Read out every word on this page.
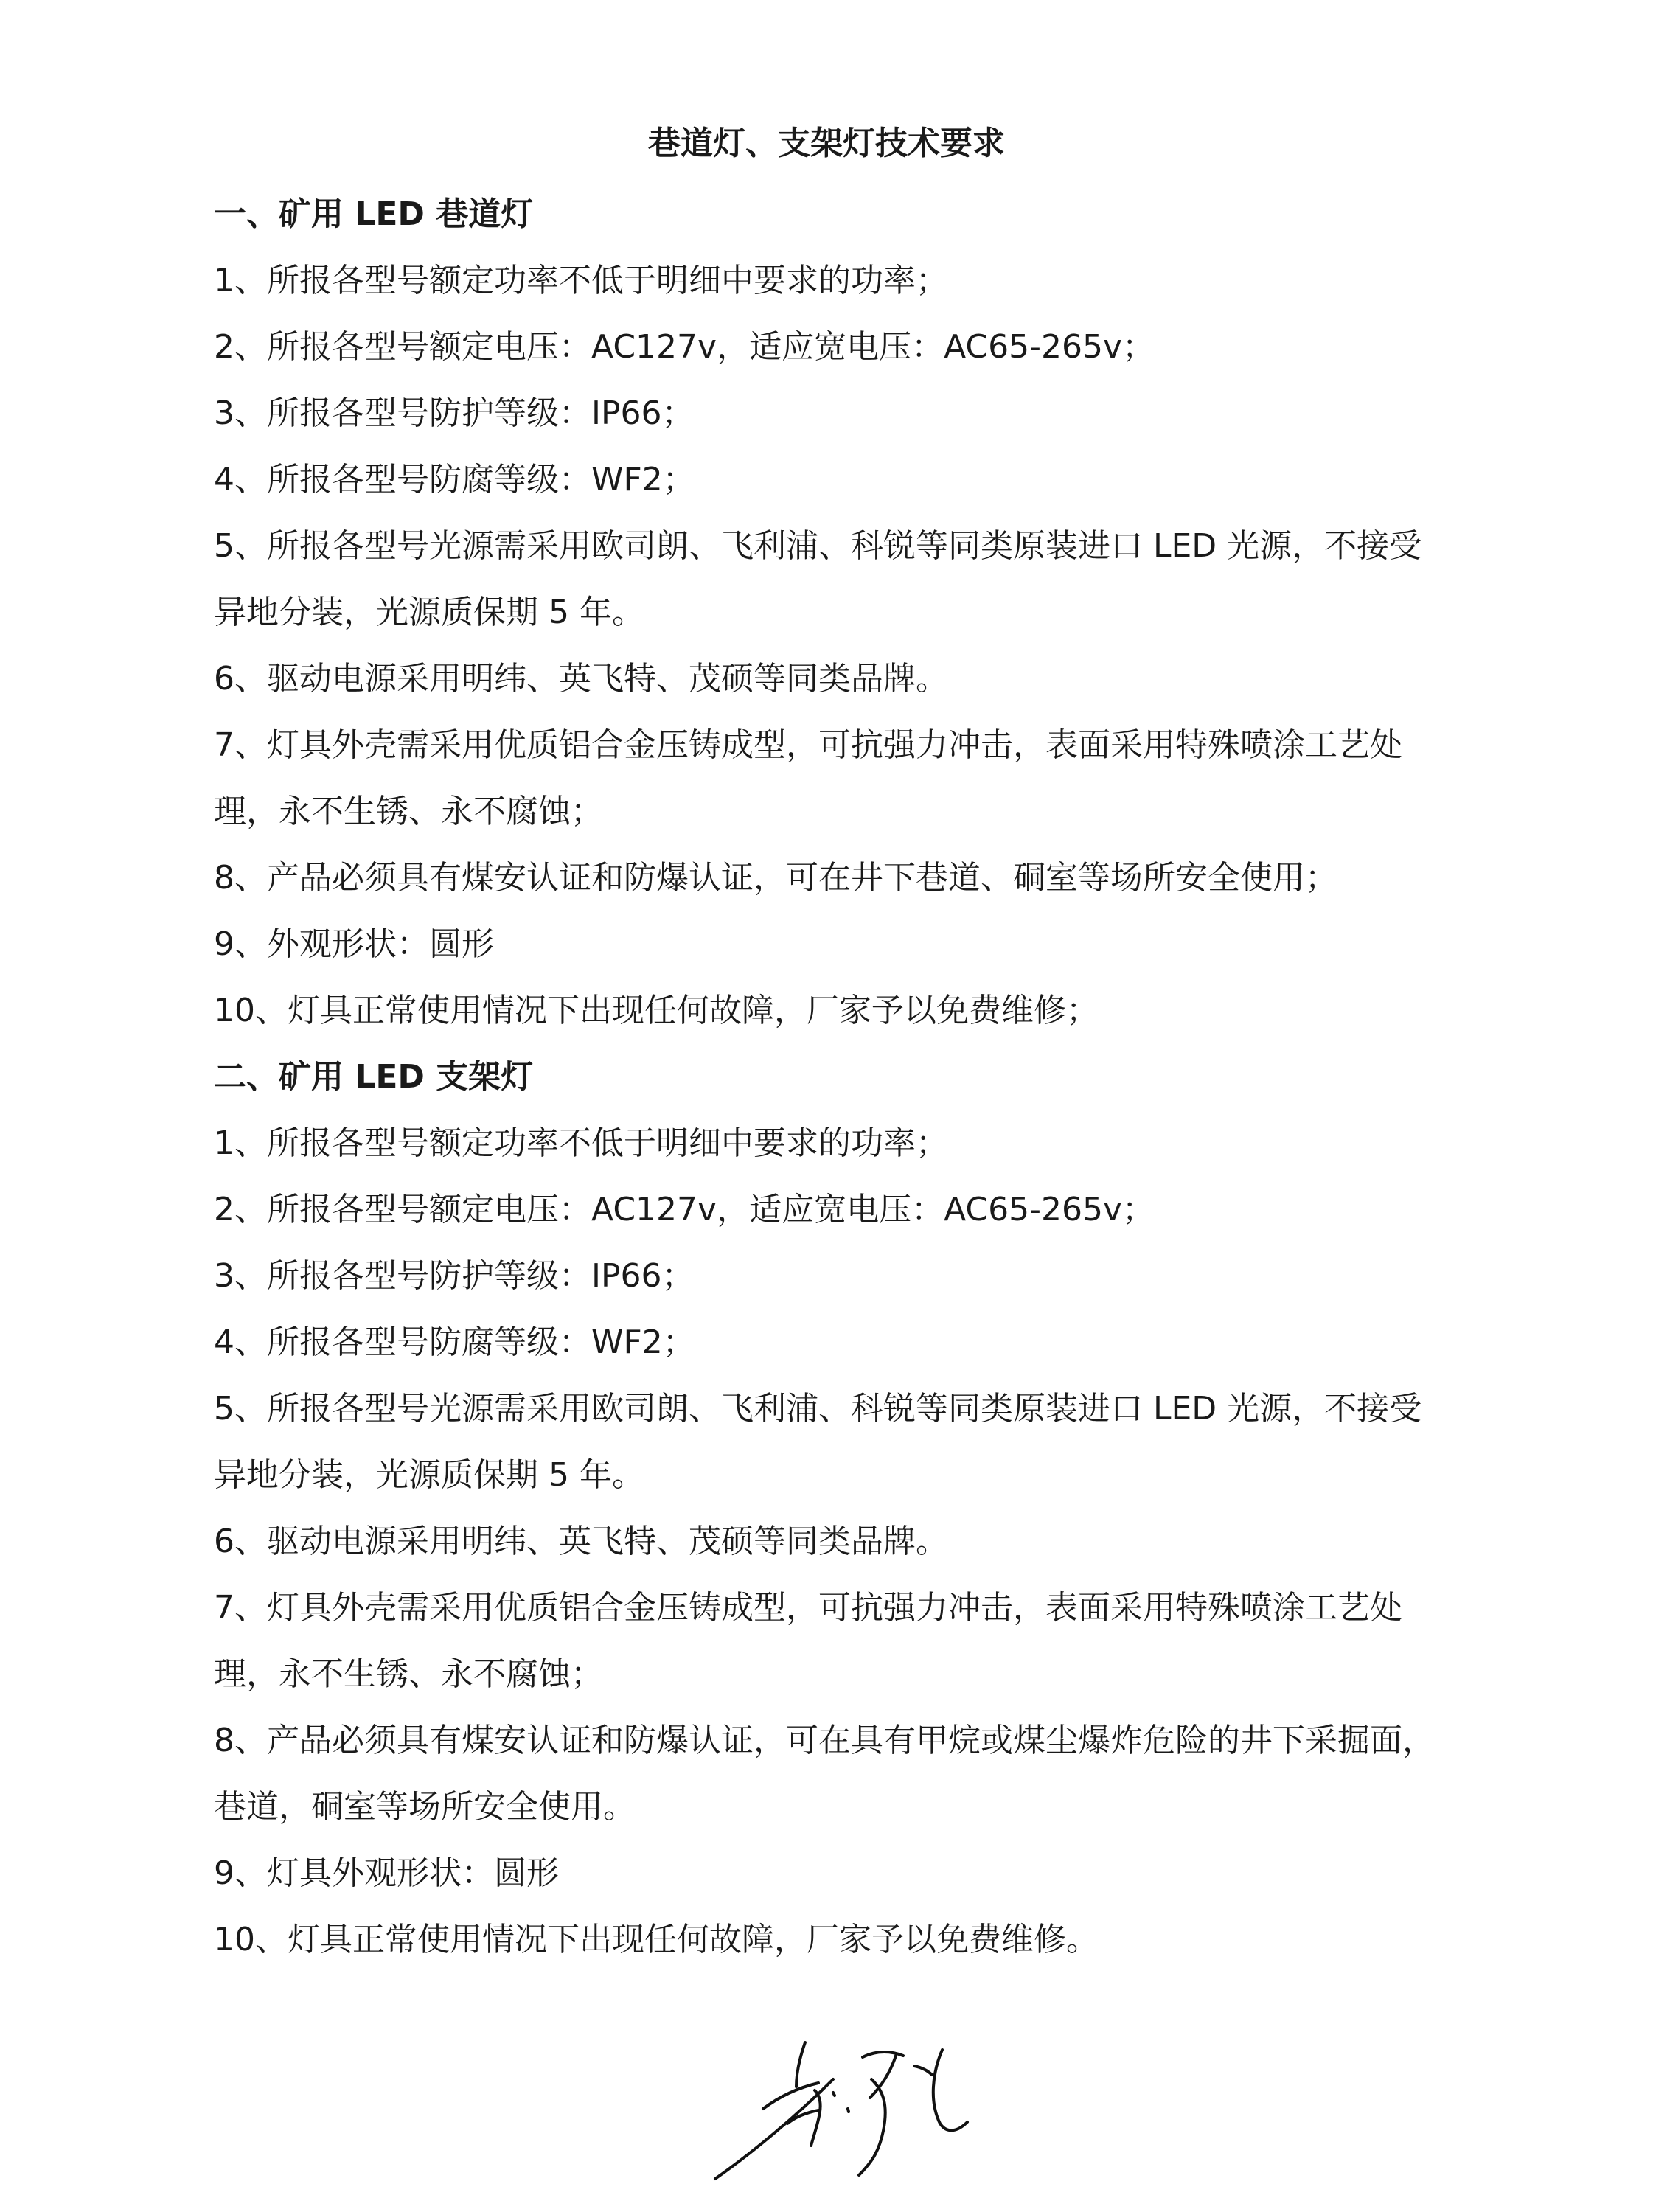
巷道灯、支架灯技术要求
一、矿用 LED 巷道灯
1、所报各型号额定功率不低于明细中要求的功率；
2、所报各型号额定电压：AC127v，适应宽电压：AC65-265v；
3、所报各型号防护等级：IP66；
4、所报各型号防腐等级：WF2；
5、所报各型号光源需采用欧司朗、飞利浦、科锐等同类原装进口 LED 光源，不接受异地分装，光源质保期 5 年。
6、驱动电源采用明纬、英飞特、茂硕等同类品牌。
7、灯具外壳需采用优质铝合金压铸成型，可抗强力冲击，表面采用特殊喷涂工艺处理，永不生锈、永不腐蚀；
8、产品必须具有煤安认证和防爆认证，可在井下巷道、硐室等场所安全使用；
9、外观形状：圆形
10、灯具正常使用情况下出现任何故障，厂家予以免费维修；
二、矿用 LED 支架灯
1、所报各型号额定功率不低于明细中要求的功率；
2、所报各型号额定电压：AC127v，适应宽电压：AC65-265v；
3、所报各型号防护等级：IP66；
4、所报各型号防腐等级：WF2；
5、所报各型号光源需采用欧司朗、飞利浦、科锐等同类原装进口 LED 光源，不接受异地分装，光源质保期 5 年。
6、驱动电源采用明纬、英飞特、茂硕等同类品牌。
7、灯具外壳需采用优质铝合金压铸成型，可抗强力冲击，表面采用特殊喷涂工艺处理，永不生锈、永不腐蚀；
8、产品必须具有煤安认证和防爆认证，可在具有甲烷或煤尘爆炸危险的井下采掘面，巷道，硐室等场所安全使用。
9、灯具外观形状：圆形
10、灯具正常使用情况下出现任何故障，厂家予以免费维修。
